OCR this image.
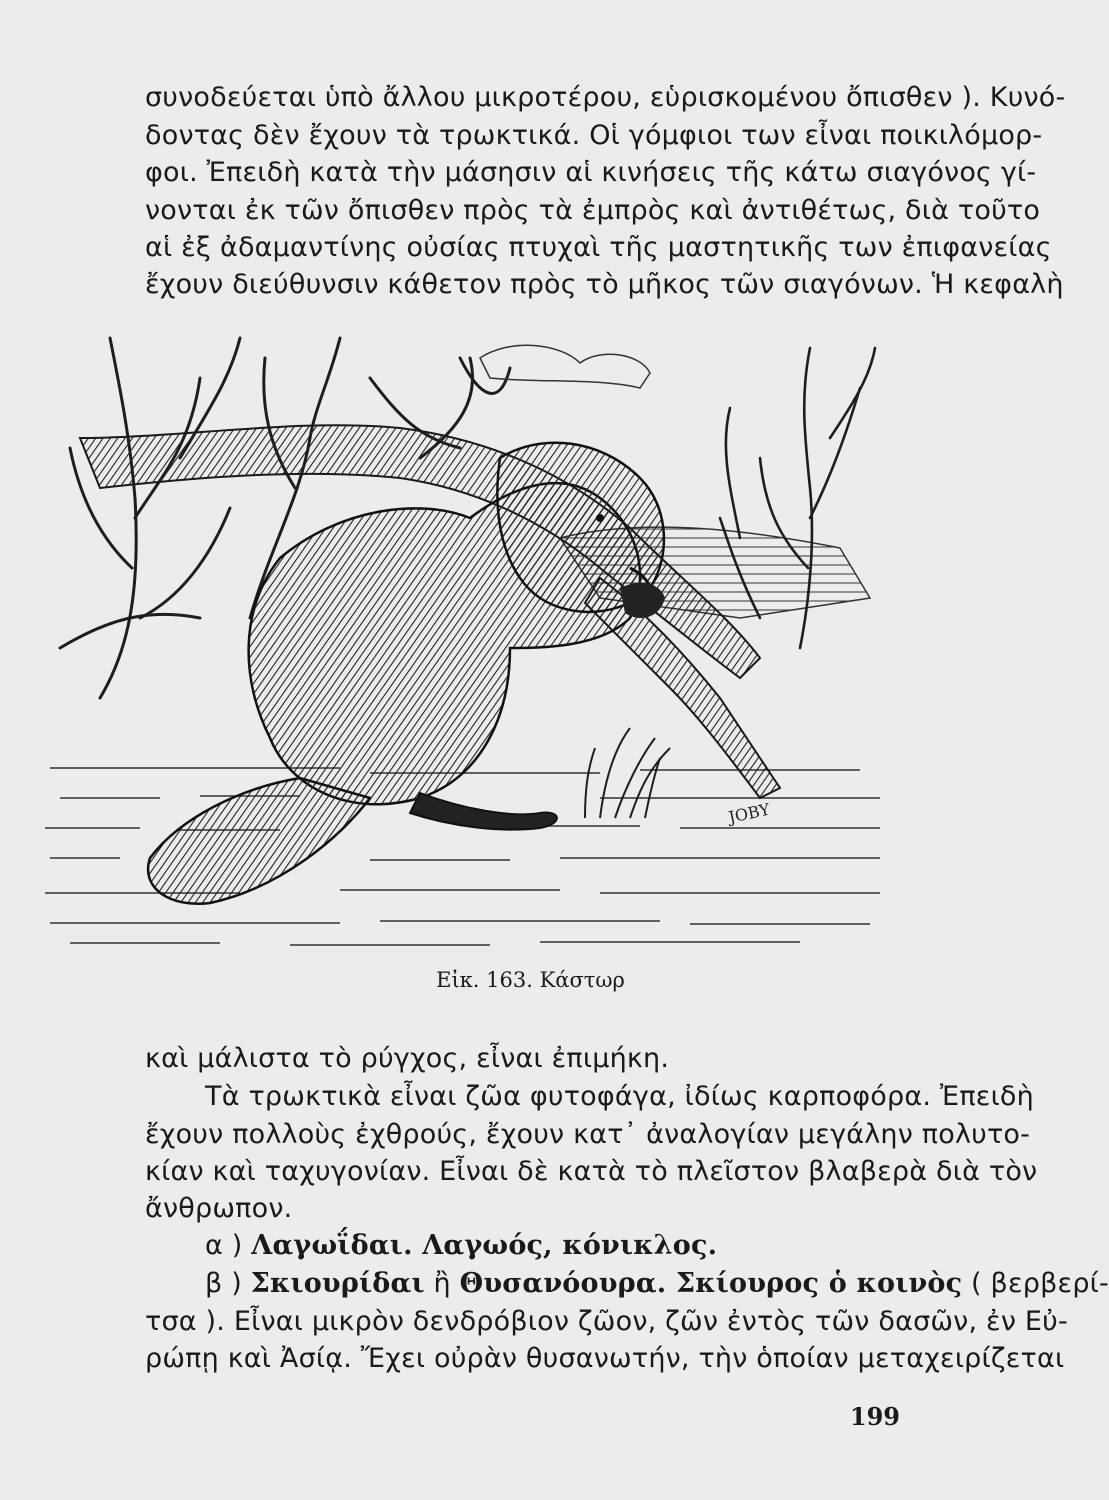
συνοδεύεται ὑπὸ ἄλλου μικροτέρου, εὑρισκομένου ὄπισθεν ). Κυνό-
δοντας δὲν ἔχουν τὰ τρωκτικά. Οἱ γόμφιοι των εἶναι ποικιλόμορ-
φοι. Ἐπειδὴ κατὰ τὴν μάσησιν αἱ κινήσεις τῆς κάτω σιαγόνος γί-
νονται ἐκ τῶν ὄπισθεν πρὸς τὰ ἐμπρὸς καὶ ἀντιθέτως, διὰ τοῦτο
αἱ ἐξ ἀδαμαντίνης οὐσίας πτυχαὶ τῆς μαστητικῆς των ἐπιφανείας
ἔχουν διεύθυνσιν κάθετον πρὸς τὸ μῆκος τῶν σιαγόνων. Ἡ κεφαλὴ
JOBY
Εἰκ. 163. Κάστωρ
καὶ μάλιστα τὸ ρύγχος, εἶναι ἐπιμήκη.
Τὰ τρωκτικὰ εἶναι ζῶα φυτοφάγα, ἰδίως καρποφόρα. Ἐπειδὴ
ἔχουν πολλοὺς ἐχθρούς, ἔχουν κατ᾽ ἀναλογίαν μεγάλην πολυτο-
κίαν καὶ ταχυγονίαν. Εἶναι δὲ κατὰ τὸ πλεῖστον βλαβερὰ διὰ τὸν
ἄνθρωπον.
α ) Λαγωΐδαι. Λαγωός, κόνικλος.
β ) Σκιουρίδαι ἢ Θυσανόουρα. Σκίουρος ὁ κοινὸς ( βερβερί-
τσα ). Εἶναι μικρὸν δενδρόβιον ζῶον, ζῶν ἐντὸς τῶν δασῶν, ἐν Εὐ-
ρώπῃ καὶ Ἀσίᾳ. Ἔχει οὐρὰν θυσανωτήν, τὴν ὁποίαν μεταχειρίζεται
199
